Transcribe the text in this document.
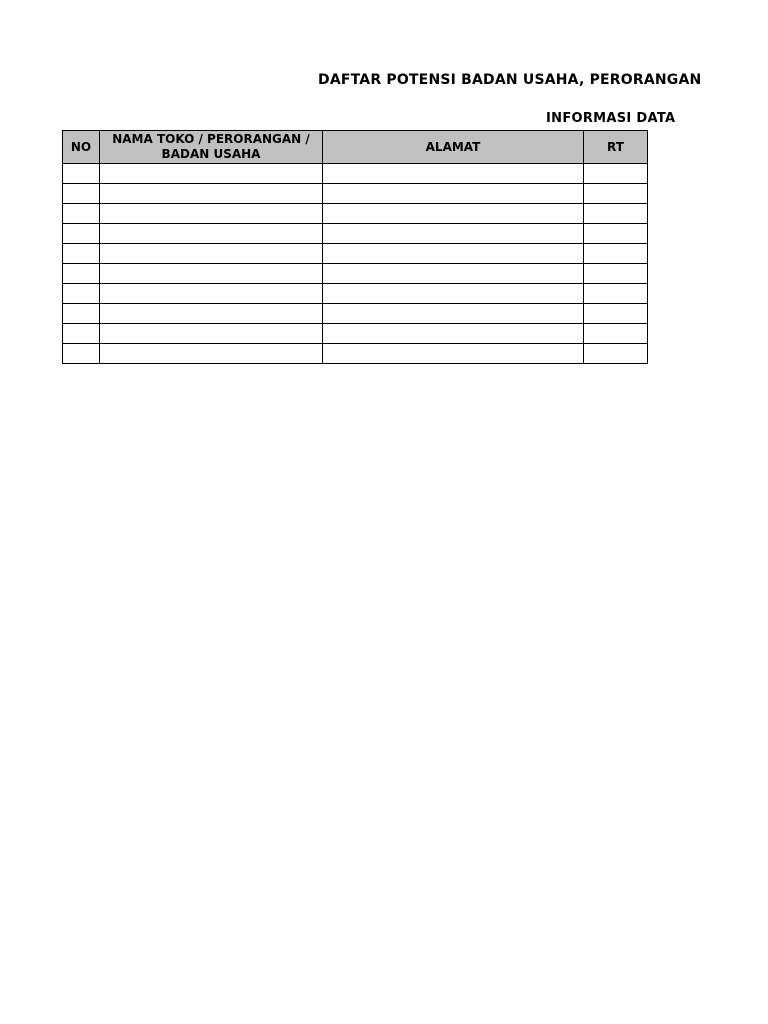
DAFTAR POTENSI BADAN USAHA, PERORANGAN
INFORMASI DATA
NO	NAMA TOKO / PERORANGAN / BADAN USAHA	ALAMAT	RT
